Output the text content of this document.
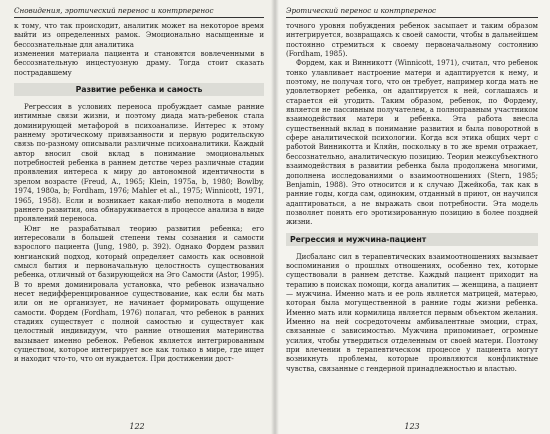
Сновидения, эротический перенос и контрперенос

к тому, что так происходит, аналитик может на некоторое время выйти из определенных рамок. Эмоционально насыщенные и бессознательные для аналитика

изменения материала пациента и становятся вовлеченными в бессознательную инцестуозную драму. Тогда стоит сказать пострадавшему

Развитие ребенка и самость

Регрессия в условиях переноса пробуждает самые ранние интимные связи жизни, и поэтому диада мать-ребенок стала доминирующей метафорой в психоанализе. Интерес к этому раннему эротическому привязанности и первую родительскую связь по-разному описывали различные психоаналитики. Каждый автор вносил свой вклад в понимание эмоциональных потребностей ребенка в раннем детстве через различные стадии проявления интереса к миру до автономной идентичности в зрелом возрасте (Freud, A., 1965; Klein, 1975a, b, 1980; Bowlby, 1974, 1980a, b; Fordham, 1976; Mahler et al., 1975; Winnicott, 1971, 1965, 1958). Если и возникает какая-либо неполнота в модели раннего развития, она обнаруживается в процессе анализа в виде проявлений переноса.

Юнг не разрабатывал теорию развития ребенка; его интересовали в большей степени темы сознания и самости взрослого пациента (Jung, 1980, p. 392). Однако Фордем развил юнгианский подход, который определяет самость как основной смысл бытия и первоначальную целостность существования ребенка, отличный от базирующейся на Эго Самости (Astor, 1995). В то время доминировала установка, что ребенок изначально несет недифференцированное существование, как если бы мать или он не организует, не начинает формировать ощущение самости. Фордем (Fordham, 1976) полагал, что ребенок в ранних стадиях существует с полной самостью и существует как целостный индивидуум, что ранние отношения материнства вызывает именно ребенок. Ребенок является интегрированным существом, которое интегрирует все как только в мире, где ищет и находит что-то, что он нуждается. При достижении дост-

122
Эротический перенос и контрперенос

точного уровня побуждения ребенок засыпает и таким образом интегрируется, возвращаясь к своей самости, чтобы в дальнейшем постоянно стремиться к своему первоначальному состоянию (Fordham, 1985).

Фордем, как и Винникотт (Winnicott, 1971), считал, что ребенок тонко улавливает настроение матери и адаптируется к нему, и поэтому, не получая того, что он требует, например когда мать не удовлетворяет ребенка, он адаптируется к ней, соглашаясь и старается ей угодить. Таким образом, ребенок, по Фордему, является не пассивным получателем, а полноправным участником взаимодействия матери и ребенка. Эта работа внесла существенный вклад в понимание развития и была поворотной в сфере аналитической психологии. Когда вся этика общих черт с работой Винникотта и Кляйн, поскольку в то же время отражает, бессознательно, аналитическую позицию. Теория межсубъектного взаимодействия в развитии ребенка была продолжена многими, дополнена исследованиями о взаимоотношениях (Stern, 1985; Benjamin, 1988). Это относится и к случаю Джейкоба, так как в ранние годы, когда сам, одиноким, отданный в приют, он научился адаптироваться, а не выражать свои потребности. Эта модель позволяет понять его эротизированную позицию в более поздней жизни.

Регрессия и мужчина-пациент

Дисбаланс сил в терапевтических взаимоотношениях вызывает воспоминания о прошлых отношениях, особенно тех, которые существовали в раннем детстве. Каждый пациент приходит на терапию в поисках помощи, когда аналитик — женщина, а пациент — мужчина. Именно мать и ее роль является матрицей, матерью, которая была могущественной в ранние годы жизни ребенка. Именно мать или кормилица является первым объектом желания. Именно на ней сосредоточены амбивалентные эмоции, страх, связанные с зависимостью. Мужчина припоминает, огромные усилия, чтобы утвердиться отделенным от своей матери. Поэтому при влечении в терапевтическом процессе у пациента могут возникнуть проблемы, которые проявляются конфликтные чувства, связанные с гендерной принадлежностью и властью.

123
